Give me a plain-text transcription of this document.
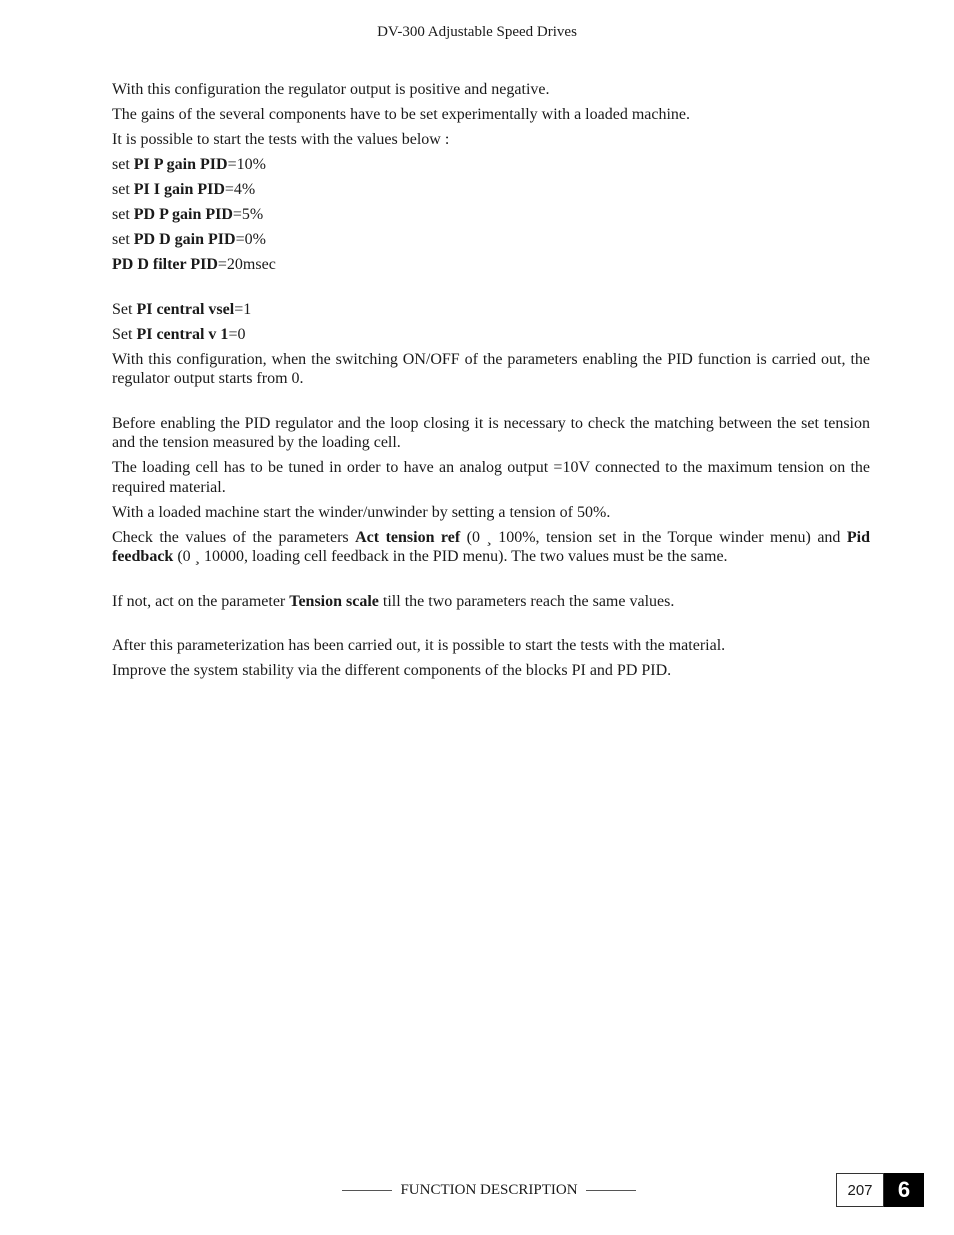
DV-300 Adjustable Speed Drives

With this configuration the regulator output is positive and negative.

The gains of the several components have to be set experimentally with a loaded machine.

It is possible to start the tests with the values below :

set PI P gain PID=10%

set PI I gain PID=4%

set PD P gain PID=5%

set PD D gain PID=0%

PD D filter PID=20msec

Set PI central vsel=1

Set PI central v 1=0

With this configuration, when the switching ON/OFF of the parameters enabling the PID function is carried out, the regulator output starts from 0.

Before enabling the PID regulator and the loop closing it is necessary to check the matching between the set tension and the tension measured by the loading cell.

The loading cell has to be tuned in order to have an analog output =10V connected to the maximum tension on the required material.

With a loaded machine start the winder/unwinder by setting a tension of 50%.

Check the values of the parameters Act tension ref (0 ¸ 100%, tension set in the Torque winder menu) and Pid feedback (0 ¸ 10000, loading cell feedback in the PID menu). The two values must be the same.

If not, act on the parameter Tension scale till the two parameters reach the same values.

After this parameterization has been carried out, it is possible to start the tests with the material.

Improve the system stability via the different components of the blocks PI and PD PID.

FUNCTION DESCRIPTION	207	6
